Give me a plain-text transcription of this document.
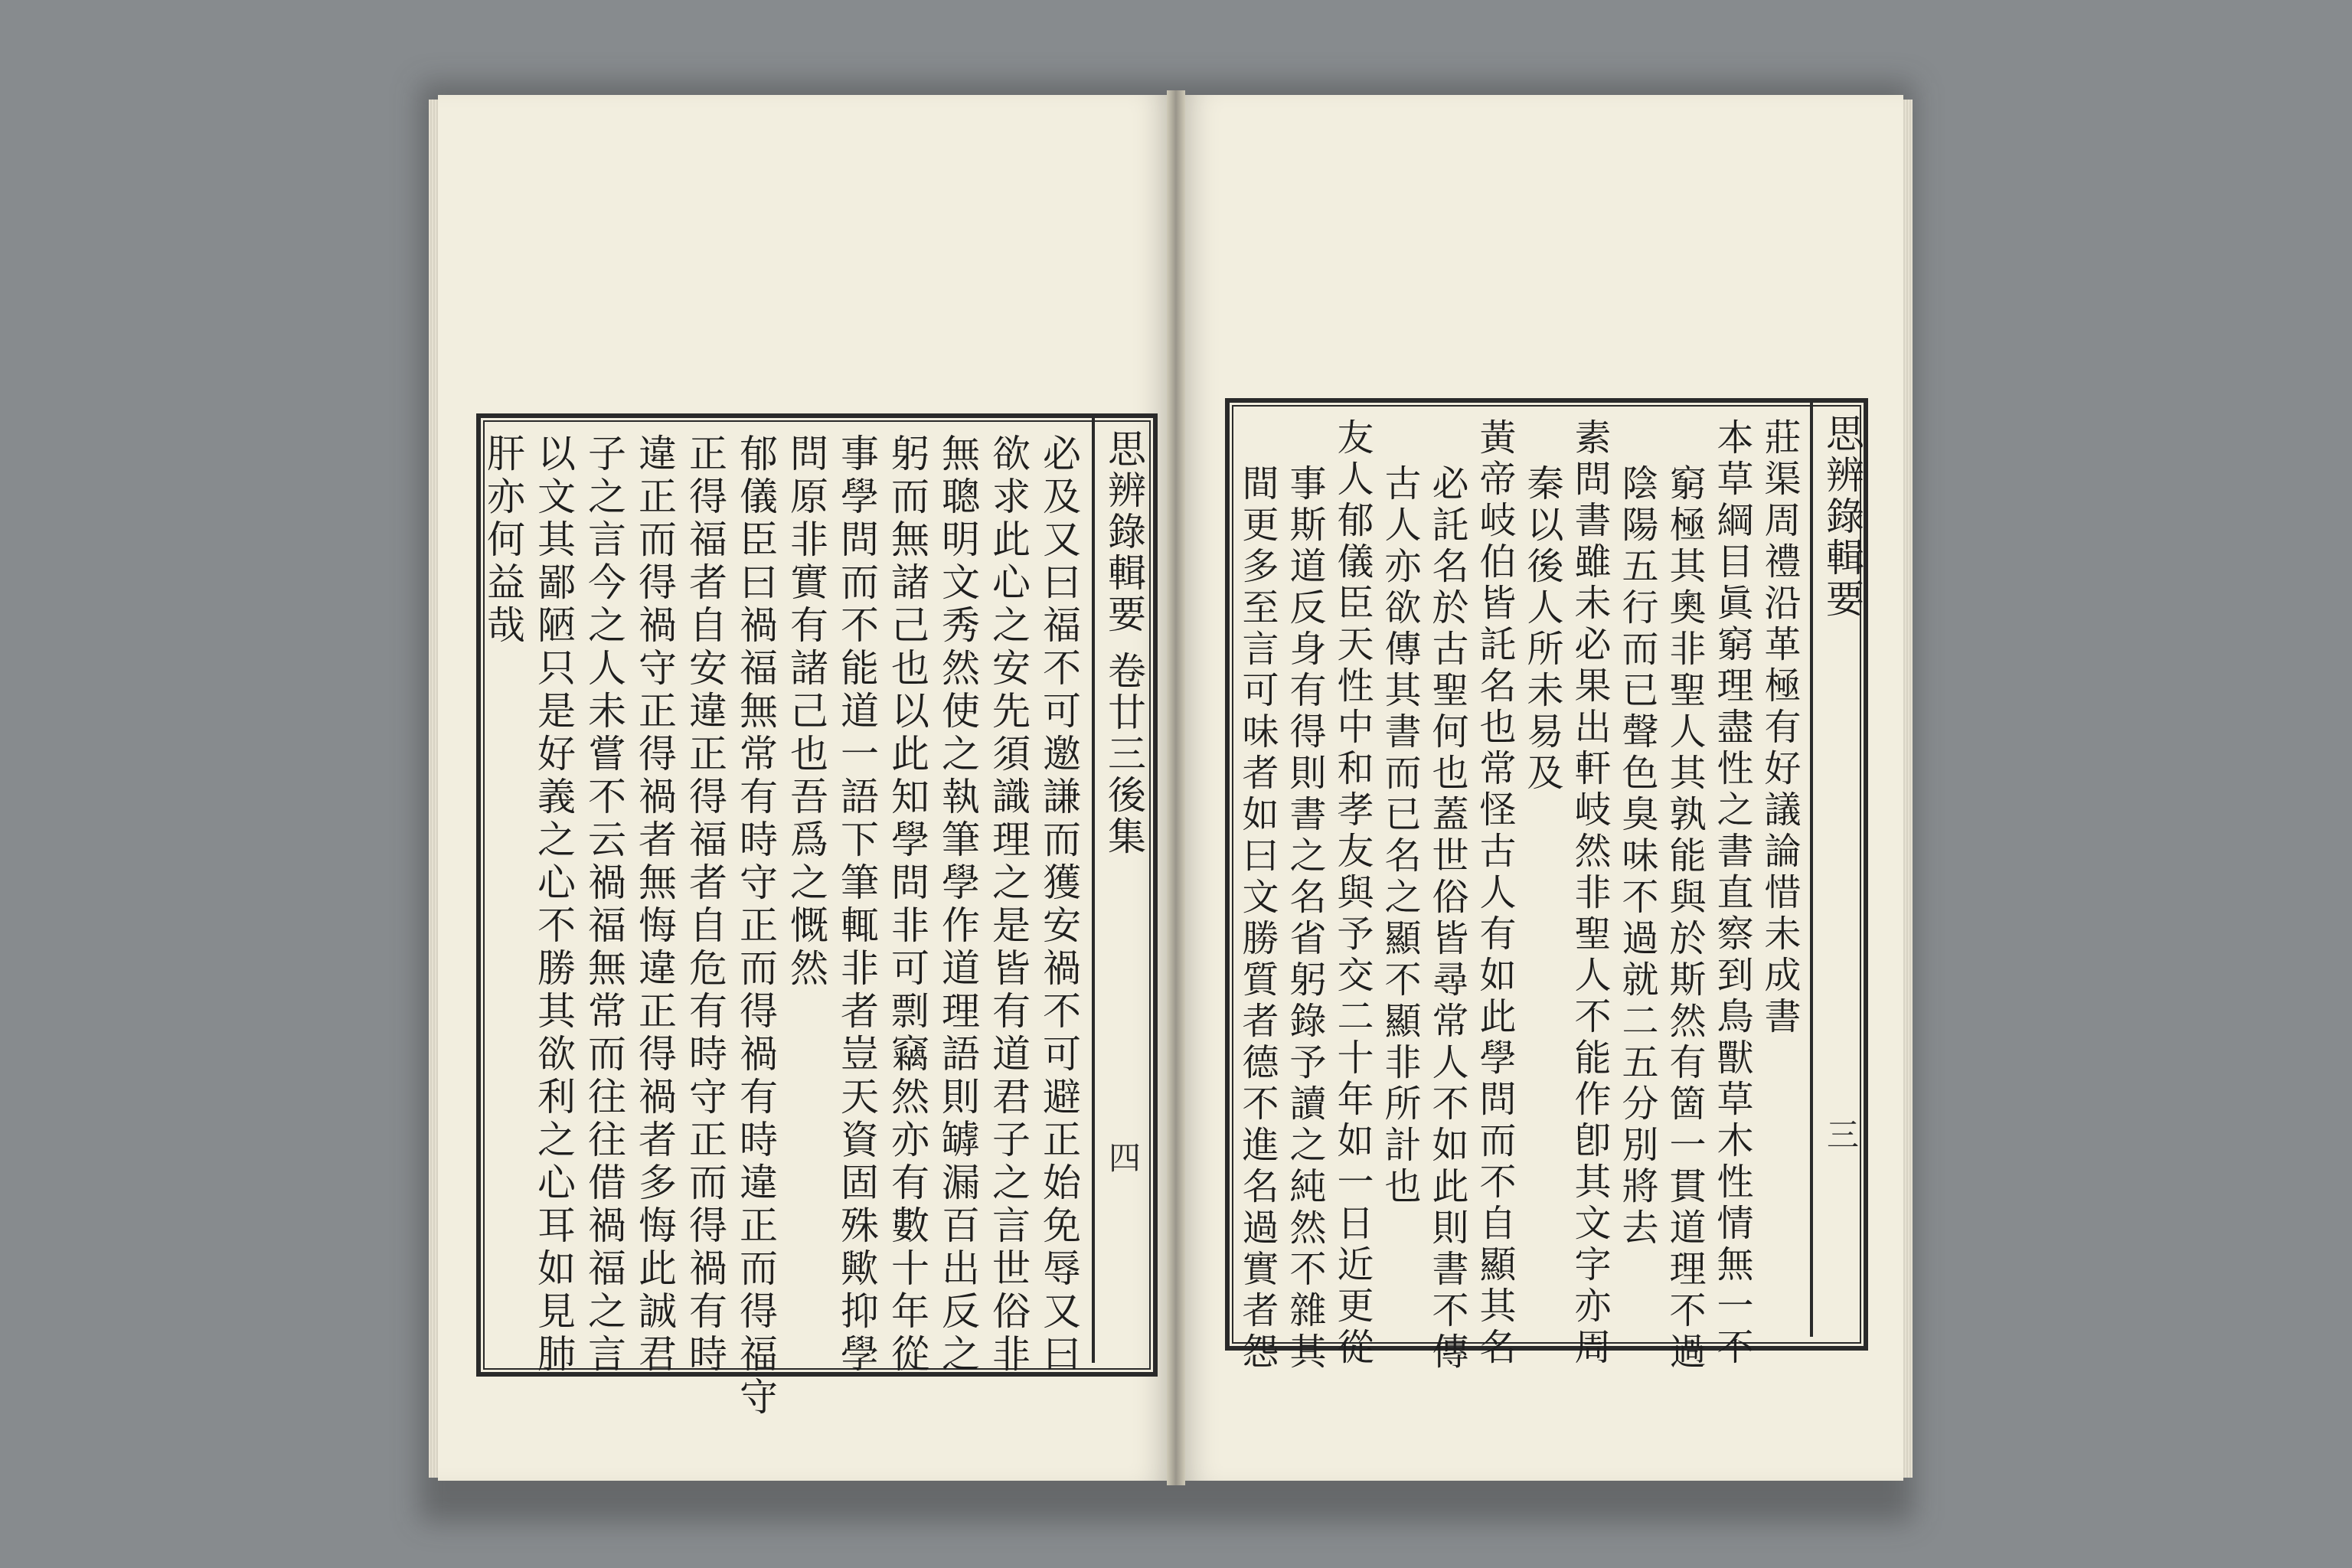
思辨錄輯要
卷廿三後集
四
必及又曰福不可邀謙而獲安禍不可避正始免辱又曰
欲求此心之安先須識理之是皆有道君子之言世俗非
無聰明文秀然使之執筆學作道理語則罅漏百出反之
躬而無諸己也以此知學問非可剽竊然亦有數十年從
事學問而不能道一語下筆輒非者豈天資固殊歟抑學
問原非實有諸己也吾爲之慨然
郁儀臣曰禍福無常有時守正而得禍有時違正而得福守
正得福者自安違正得福者自危有時守正而得禍有時
違正而得禍守正得禍者無悔違正得禍者多悔此誠君
子之言今之人未嘗不云禍福無常而往往借禍福之言
以文其鄙陋只是好義之心不勝其欲利之心耳如見肺	思辨錄輯要
三
莊渠周禮沿革極有好議論惜未成書
本草綱目眞窮理盡性之書直察到鳥獸草木性情無一不
窮極其奧非聖人其孰能與於斯然有箇一貫道理不過
陰陽五行而已聲色臭味不過就二五分別將去
素問書雖未必果出軒岐然非聖人不能作卽其文字亦周
秦以後人所未易及
黃帝岐伯皆託名也常怪古人有如此學問而不自顯其名
必託名於古聖何也蓋世俗皆尋常人不如此則書不傳
古人亦欲傳其書而已名之顯不顯非所計也
友人郁儀臣天性中和孝友與予交二十年如一日近更從
事斯道反身有得則書之名省躬錄予讀之純然不雜其
肝亦何益哉	間更多至言可味者如曰文勝質者德不進名過實者怨
